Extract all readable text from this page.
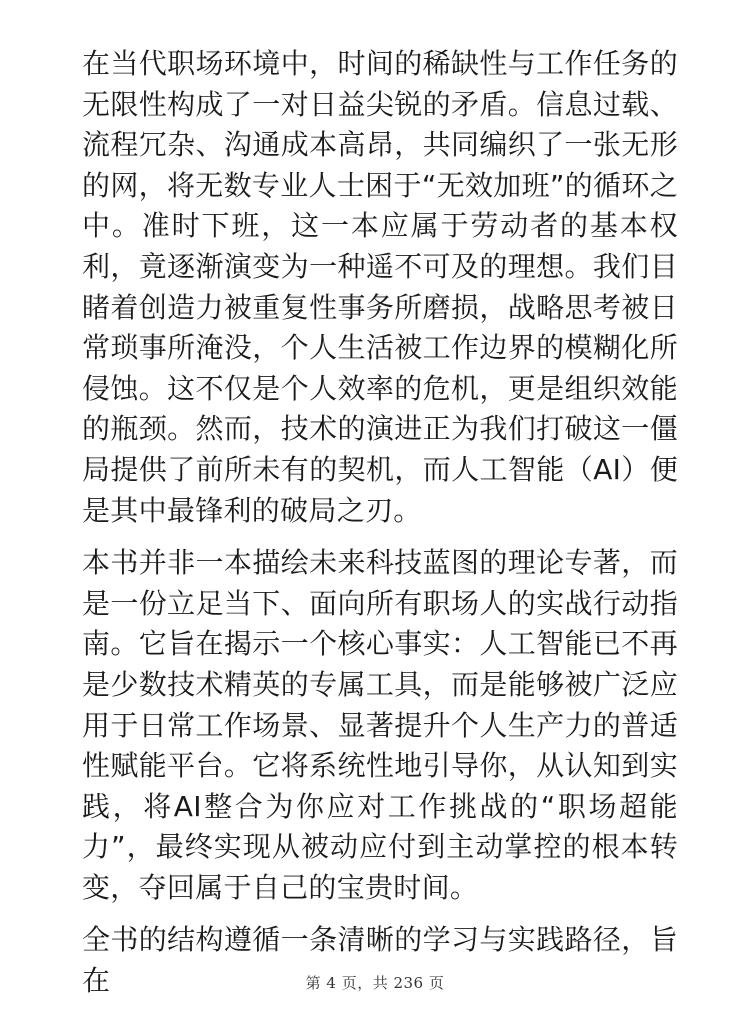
在当代职场环境中，时间的稀缺性与工作任务的无限性构成了一对日益尖锐的矛盾。信息过载、流程冗杂、沟通成本高昂，共同编织了一张无形的网，将无数专业人士困于“无效加班”的循环之中。准时下班，这一本应属于劳动者的基本权利，竟逐渐演变为一种遥不可及的理想。我们目睹着创造力被重复性事务所磨损，战略思考被日常琐事所淹没，个人生活被工作边界的模糊化所侵蚀。这不仅是个人效率的危机，更是组织效能的瓶颈。然而，技术的演进正为我们打破这一僵局提供了前所未有的契机，而人工智能（AI）便是其中最锋利的破局之刃。

本书并非一本描绘未来科技蓝图的理论专著，而是一份立足当下、面向所有职场人的实战行动指南。它旨在揭示一个核心事实：人工智能已不再是少数技术精英的专属工具，而是能够被广泛应用于日常工作场景、显著提升个人生产力的普适性赋能平台。它将系统性地引导你，从认知到实践，将AI整合为你应对工作挑战的“职场超能力”，最终实现从被动应付到主动掌控的根本转变，夺回属于自己的宝贵时间。

全书的结构遵循一条清晰的学习与实践路径，旨在	第 4 页，共 236 页
